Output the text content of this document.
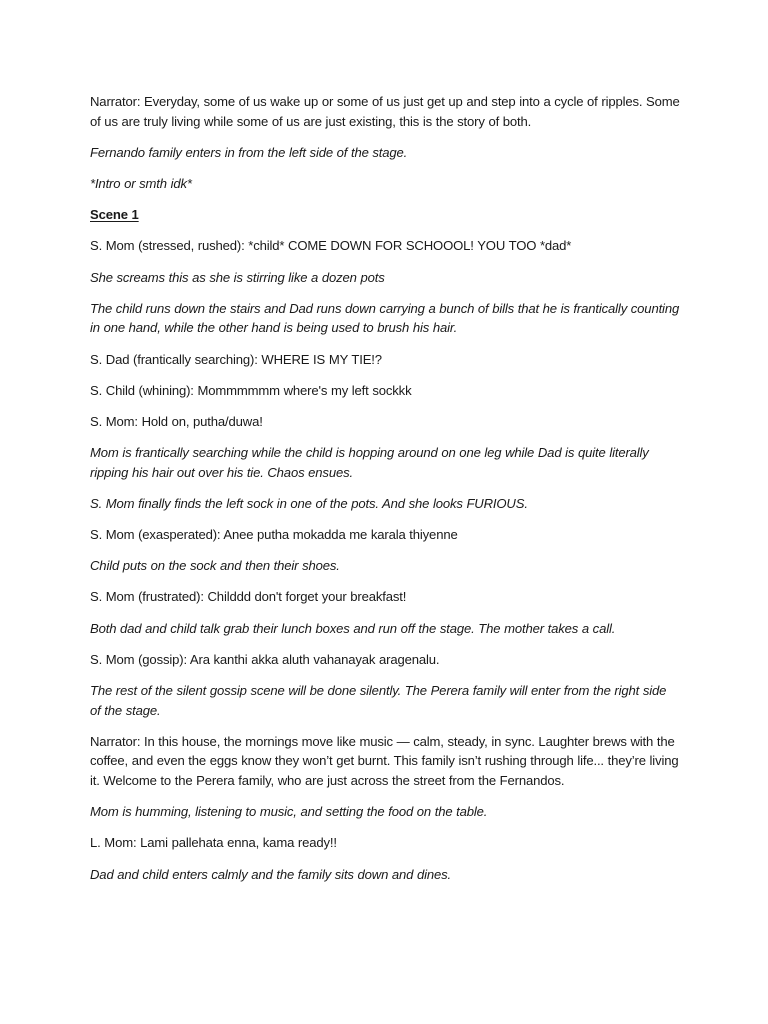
Narrator: Everyday, some of us wake up or some of us just get up and step into a cycle of ripples. Some of us are truly living while some of us are just existing, this is the story of both.

Fernando family enters in from the left side of the stage.

*Intro or smth idk*

Scene 1

S. Mom (stressed, rushed): *child* COME DOWN FOR SCHOOOL! YOU TOO *dad*

She screams this as she is stirring like a dozen pots

The child runs down the stairs and Dad runs down carrying a bunch of bills that he is frantically counting in one hand, while the other hand is being used to brush his hair.

S. Dad (frantically searching): WHERE IS MY TIE!?

S. Child (whining): Mommmmmm where's my left sockkk

S. Mom: Hold on, putha/duwa!

Mom is frantically searching while the child is hopping around on one leg while Dad is quite literally ripping his hair out over his tie. Chaos ensues.

S. Mom finally finds the left sock in one of the pots. And she looks FURIOUS.

S. Mom (exasperated): Anee putha mokadda me karala thiyenne

Child puts on the sock and then their shoes.

S. Mom (frustrated): Childdd don't forget your breakfast!

Both dad and child talk grab their lunch boxes and run off the stage. The mother takes a call.

S. Mom (gossip): Ara kanthi akka aluth vahanayak aragenalu.

The rest of the silent gossip scene will be done silently. The Perera family will enter from the right side of the stage.

Narrator: In this house, the mornings move like music — calm, steady, in sync. Laughter brews with the coffee, and even the eggs know they won’t get burnt. This family isn’t rushing through life... they’re living it. Welcome to the Perera family, who are just across the street from the Fernandos.

Mom is humming, listening to music, and setting the food on the table.

L. Mom: Lami pallehata enna, kama ready!!

Dad and child enters calmly and the family sits down and dines.
